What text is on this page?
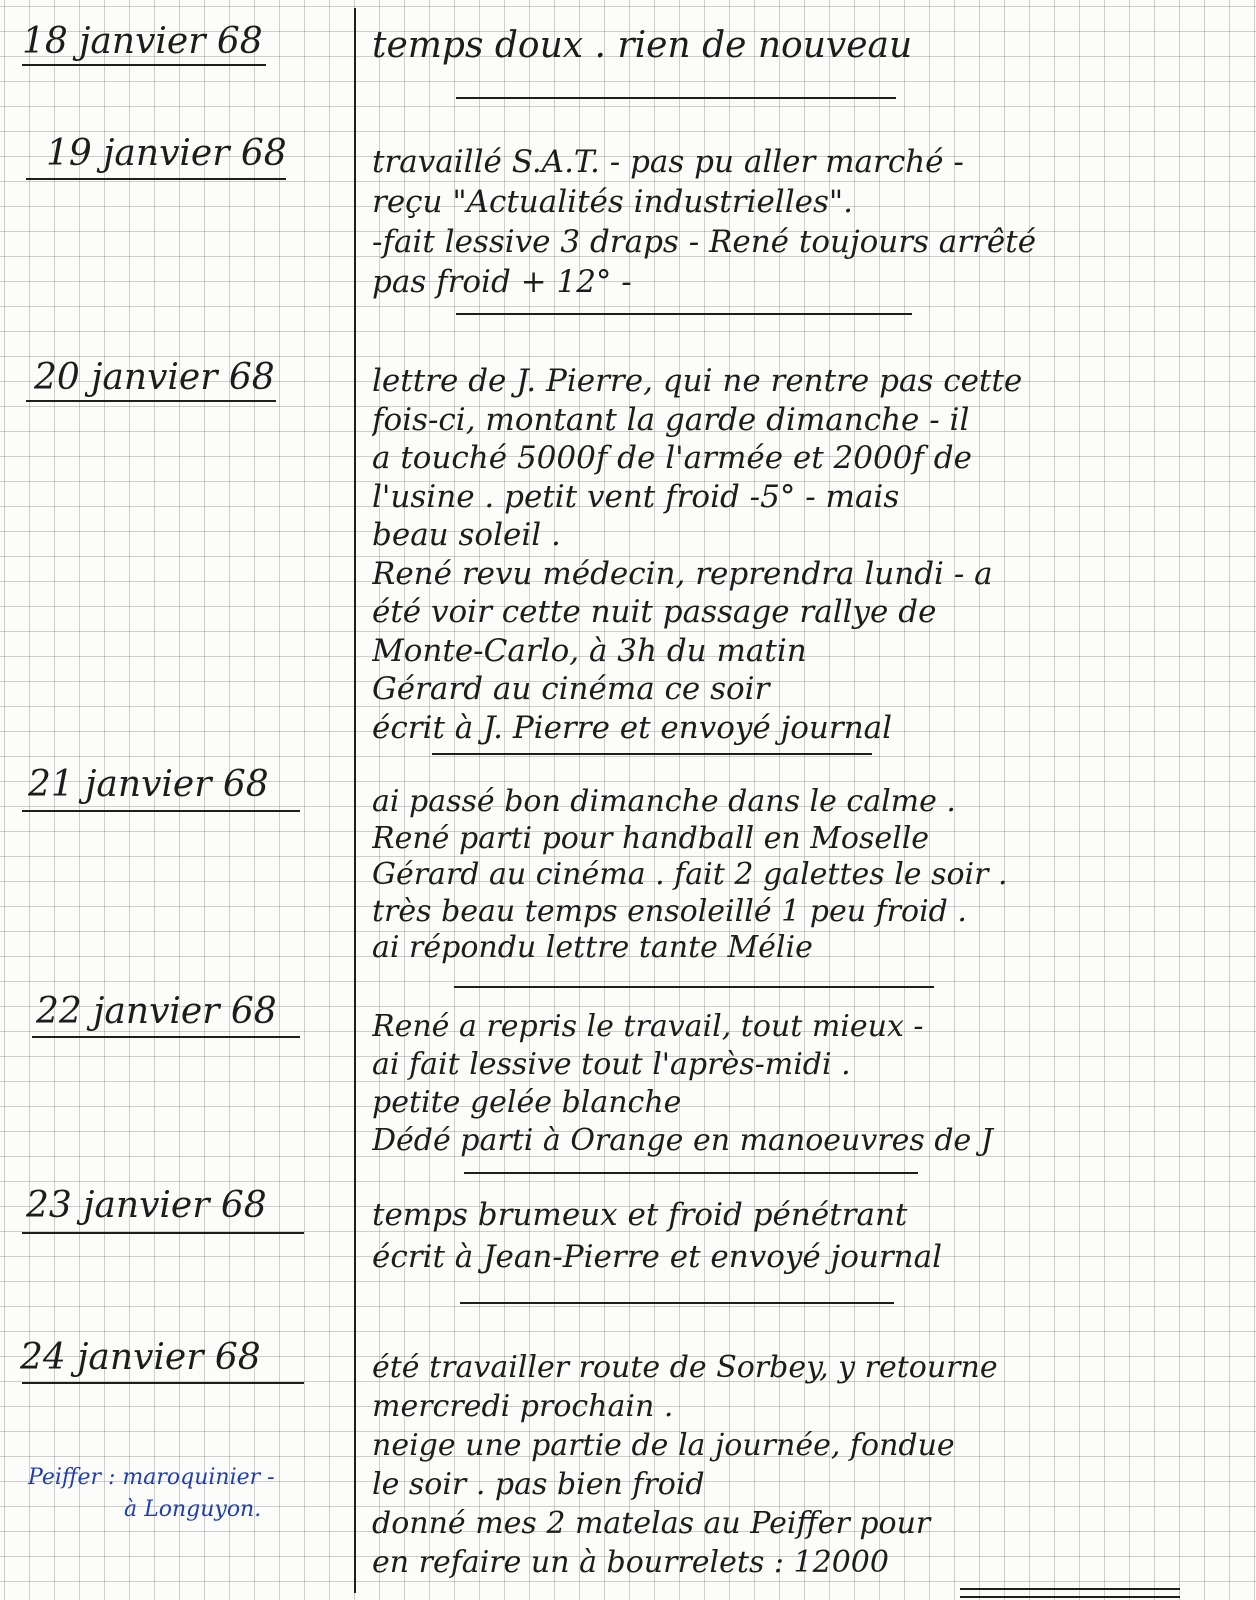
18 janvier 68	temps doux . rien de nouveau
19 janvier 68	travaillé S.A.T. - pas pu aller marché -
reçu "Actualités industrielles".
-fait lessive 3 draps - René toujours arrêté
pas froid + 12° -
20 janvier 68	lettre de J. Pierre, qui ne rentre pas cette
fois-ci, montant la garde dimanche - il
a touché 5000f de l'armée et 2000f de
l'usine . petit vent froid -5° - mais
beau soleil .
René revu médecin, reprendra lundi - a
été voir cette nuit passage rallye de
Monte-Carlo, à 3h du matin
Gérard au cinéma ce soir
écrit à J. Pierre et envoyé journal
21 janvier 68	ai passé bon dimanche dans le calme .
René parti pour handball en Moselle
Gérard au cinéma . fait 2 galettes le soir .
très beau temps ensoleillé 1 peu froid .
ai répondu lettre tante Mélie
22 janvier 68	René a repris le travail, tout mieux -
ai fait lessive tout l'après-midi .
petite gelée blanche
Dédé parti à Orange en manoeuvres de J
23 janvier 68	temps brumeux et froid pénétrant
écrit à Jean-Pierre et envoyé journal
24 janvier 68	été travailler route de Sorbey, y retourne
mercredi prochain .
neige une partie de la journée, fondue
le soir . pas bien froid
donné mes 2 matelas au Peiffer pour
en refaire un à bourrelets : 12000
Peiffer : maroquinier -
à Longuyon.
